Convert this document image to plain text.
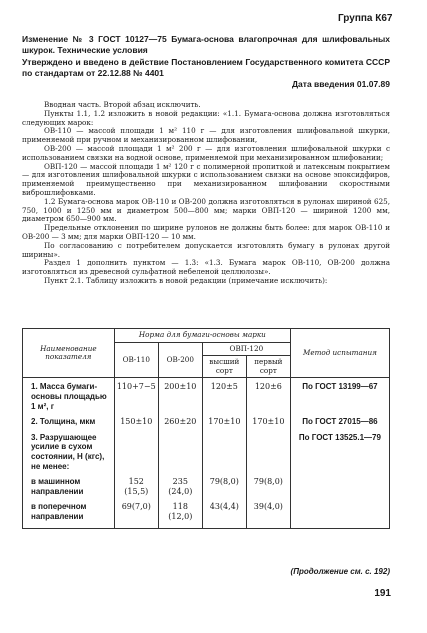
Группа К67
Изменение № 3 ГОСТ 10127—75 Бумага-основа влагопрочная для шлифовальных шкурок. Технические условия
Утверждено и введено в действие Постановлением Государственного комитета СССР по стандартам от 22.12.88 № 4401
Дата введения 01.07.89

Вводная часть. Второй абзац исключить.

Пункты 1.1, 1.2 изложить в новой редакции: «1.1. Бумага-основа должна изготовляться следующих марок:

ОВ-110 — массой площади 1 м² 110 г — для изготовления шлифовальной шкурки, применяемой при ручном и механизированном шлифовании,

ОВ-200 — массой площади 1 м² 200 г — для изготовления шлифовальной шкурки с использованием связки на водной основе, применяемой при механизированном шлифовании;

ОВП-120 — массой площади 1 м² 120 г с полимерной пропиткой и латексным покрытием — для изготовления шлифовальной шкурки с использованием связки на основе эпоксидфиров, применяемой преимущественно при механизированном шлифовании скоростными виброшлифовками.

1.2 Бумага-основа марок ОВ-110 и ОВ-200 должна изготовляться в рулонах шириной 625, 750, 1000 и 1250 мм и диаметром 500—800 мм; марки ОВП-120 — шириной 1200 мм, диаметром 650—900 мм.

Предельные отклонения по ширине рулонов не должны быть более: для марок ОВ-110 и ОВ-200 — 3 мм; для марки ОВП-120 — 10 мм.

По согласованию с потребителем допускается изготовлять бумагу в рулонах другой ширины».

Раздел 1 дополнить пунктом — 1.3: «1.3. Бумага марок ОВ-110, ОВ-200 должна изготовляться из древесной сульфатной небеленой целлюлозы».

Пункт 2.1. Таблицу изложить в новой редакции (примечание исключить):

Наименование показателя	Норма для бумаги-основы марки				Метод испытания
	ОВ-110	ОВ-200	ОВП-120		
			высший сорт	первый сорт	
1. Масса бумаги-основы площадью 1 м², г	110+7−5	200±10	120±5	120±6	По ГОСТ 13199—67
2. Толщина, мкм	150±10	260±20	170±10	170±10	По ГОСТ 27015—86
3. Разрушающее усилие в сухом состоянии, Н (кгс), не менее:					По ГОСТ 13525.1—79
в машинном направлении	152 (15,5)	235 (24,0)	79(8,0)	79(8,0)	
в поперечном направлении	69(7,0)	118 (12,0)	43(4,4)	39(4,0)	
(Продолжение см. с. 192)
191
